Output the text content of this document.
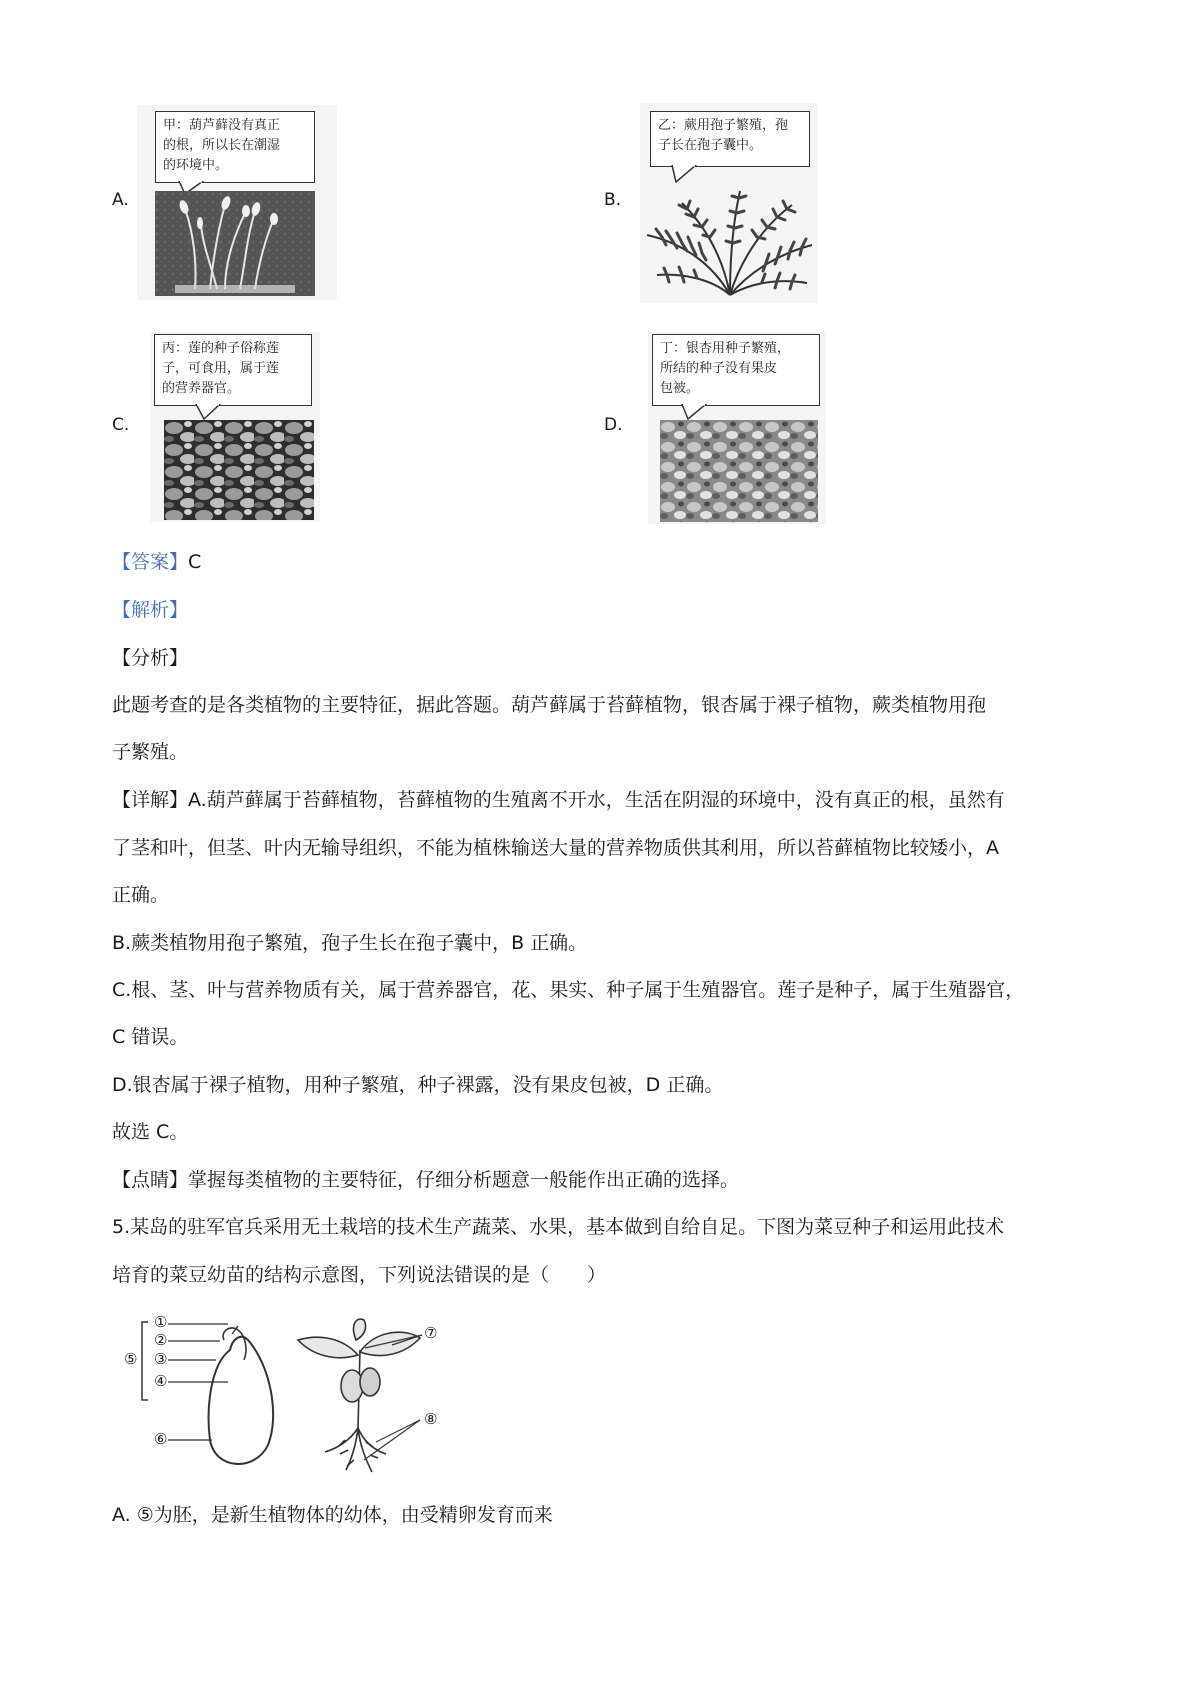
A.
甲：葫芦藓没有真正
的根，所以长在潮湿
的环境中。
B.
乙：蕨用孢子繁殖，孢
子长在孢子囊中。
C.
丙：莲的种子俗称莲
子，可食用，属于莲
的营养器官。
D.
丁：银杏用种子繁殖，
所结的种子没有果皮
包被。
【答案】C
【解析】
【分析】
此题考查的是各类植物的主要特征，据此答题。葫芦藓属于苔藓植物，银杏属于裸子植物，蕨类植物用孢
子繁殖。
【详解】A.葫芦藓属于苔藓植物，苔藓植物的生殖离不开水，生活在阴湿的环境中，没有真正的根，虽然有
了茎和叶，但茎、叶内无输导组织，不能为植株输送大量的营养物质供其利用，所以苔藓植物比较矮小，A
正确。
B.蕨类植物用孢子繁殖，孢子生长在孢子囊中，B 正确。
C.根、茎、叶与营养物质有关，属于营养器官，花、果实、种子属于生殖器官。莲子是种子，属于生殖器官，
C 错误。
D.银杏属于裸子植物，用种子繁殖，种子裸露，没有果皮包被，D 正确。
故选 C。
【点睛】掌握每类植物的主要特征，仔细分析题意一般能作出正确的选择。
5.某岛的驻军官兵采用无土栽培的技术生产蔬菜、水果，基本做到自给自足。下图为菜豆种子和运用此技术
培育的菜豆幼苗的结构示意图，下列说法错误的是（　　）
①
②
③
④
⑤
⑥
⑦
⑧
A. ⑤为胚，是新生植物体的幼体，由受精卵发育而来
